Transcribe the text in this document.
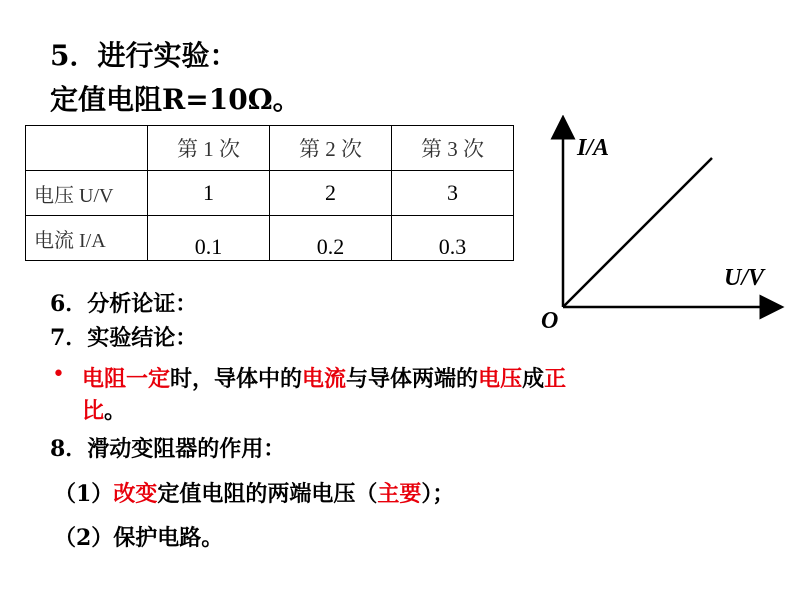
5．进行实验：
定值电阻R=10Ω。
	第 1 次	第 2 次	第 3 次
电压 U/V	1	2	3
电流 I/A	0.1	0.2	0.3
I/A
U/V
O
6．分析论证：
7．实验结论：
• 电阻一定时，导体中的电流与导体两端的电压成正
比。
8．滑动变阻器的作用：
（1）改变定值电阻的两端电压（主要）；
（2）保护电路。
